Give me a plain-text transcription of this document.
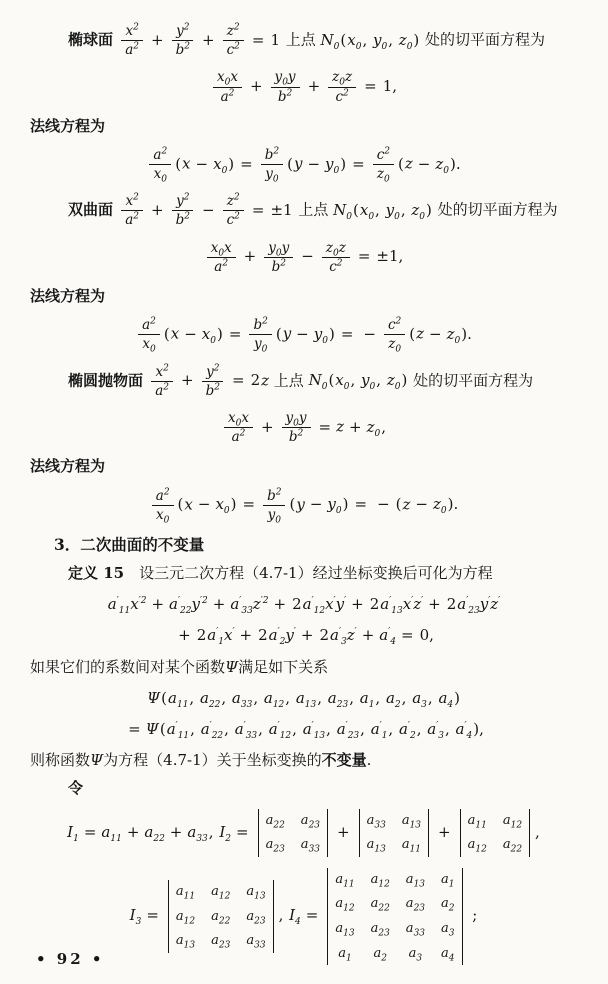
椭球面 $\frac{x^2}{a^2} + \frac{y^2}{b^2} + \frac{z^2}{c^2} = 1$ 上点 $N_0(x_0$, $y_0$, $z_0$) 处的切平面方程为
$\frac{x_0x}{a^2} + \frac{y_0y}{b^2} + \frac{z_0z}{c^2} = 1$,
法线方程为
$\frac{a^2}{x_0} (x - x_0) = \frac{b^2}{y_0} (y - y_0) = \frac{c^2}{z_0} (z - z_0)$.
双曲面 $\frac{x^2}{a^2} + \frac{y^2}{b^2} - \frac{z^2}{c^2} = \pm 1$ 上点 $N_0(x_0$, $y_0$, $z_0$) 处的切平面方程为
$\frac{x_0x}{a^2} + \frac{y_0y}{b^2} - \frac{z_0z}{c^2} = \pm 1$,
法线方程为
$\frac{a^2}{x_0} (x - x_0) = \frac{b^2}{y_0} (y - y_0)$ = − $\frac{c^2}{z_0} (z - z_0)$.
椭圆抛物面 $\frac{x^2}{a^2} + \frac{y^2}{b^2} = 2z$ 上点 $N_0(x_0$, $y_0$, $z_0$) 处的切平面方程为
$\frac{x_0x}{a^2} + \frac{y_0y}{b^2} = z + z_0$,
法线方程为
$\frac{a^2}{x_0} (x - x_0) = \frac{b^2}{y_0} (y - y_0)$ = − $(z - z_0)$.
3．二次曲面的不变量
定义 15　设三元二次方程（4.7-1）经过坐标变换后可化为方程
$a'_{11}x^{'2} + a'_{22}y^{'2} + a'_{33}z^{'2} + 2a'_{12}x'y' + 2a'_{13}x'z' + 2a'_{23}y'z'$
+ $2a'_1x' + 2a'_2y' + 2a'_3z' + a'_4 = 0$,
如果它们的系数间对某个函数Ψ满足如下关系
$\Psi(a_{11}$, $a_{22}$, $a_{33}$, $a_{12}$, $a_{13}$, $a_{23}$, $a_1$, $a_2$, $a_3$, $a_4$)
= $\Psi(a'_{11}$, $a'_{22}$, $a'_{33}$, $a'_{12}$, $a'_{13}$, $a'_{23}$, $a'_1$, $a'_2$, $a'_3$, $a'_4$),
则称函数Ψ为方程（4.7-1）关于坐标变换的不变量.
令
$I_1 = a_{11} + a_{22} + a_{33}$, $I_2$ =
$a_{22}$ $a_{23}$
$a_{23}$ $a_{33}$
+
$a_{33}$ $a_{13}$
$a_{13}$ $a_{11}$
+
$a_{11}$ $a_{12}$
$a_{12}$ $a_{22}$
,
$I_3$ =
$a_{11}$ $a_{12}$ $a_{13}$
$a_{12}$ $a_{22}$ $a_{23}$
$a_{13}$ $a_{23}$ $a_{33}$
, $I_4$ =
$a_{11}$ $a_{12}$ $a_{13}$ $a_1$
$a_{12}$ $a_{22}$ $a_{23}$ $a_2$
$a_{13}$ $a_{23}$ $a_{33}$ $a_3$
$a_1$ $a_2$ $a_3$ $a_4$
;
• 92 •
